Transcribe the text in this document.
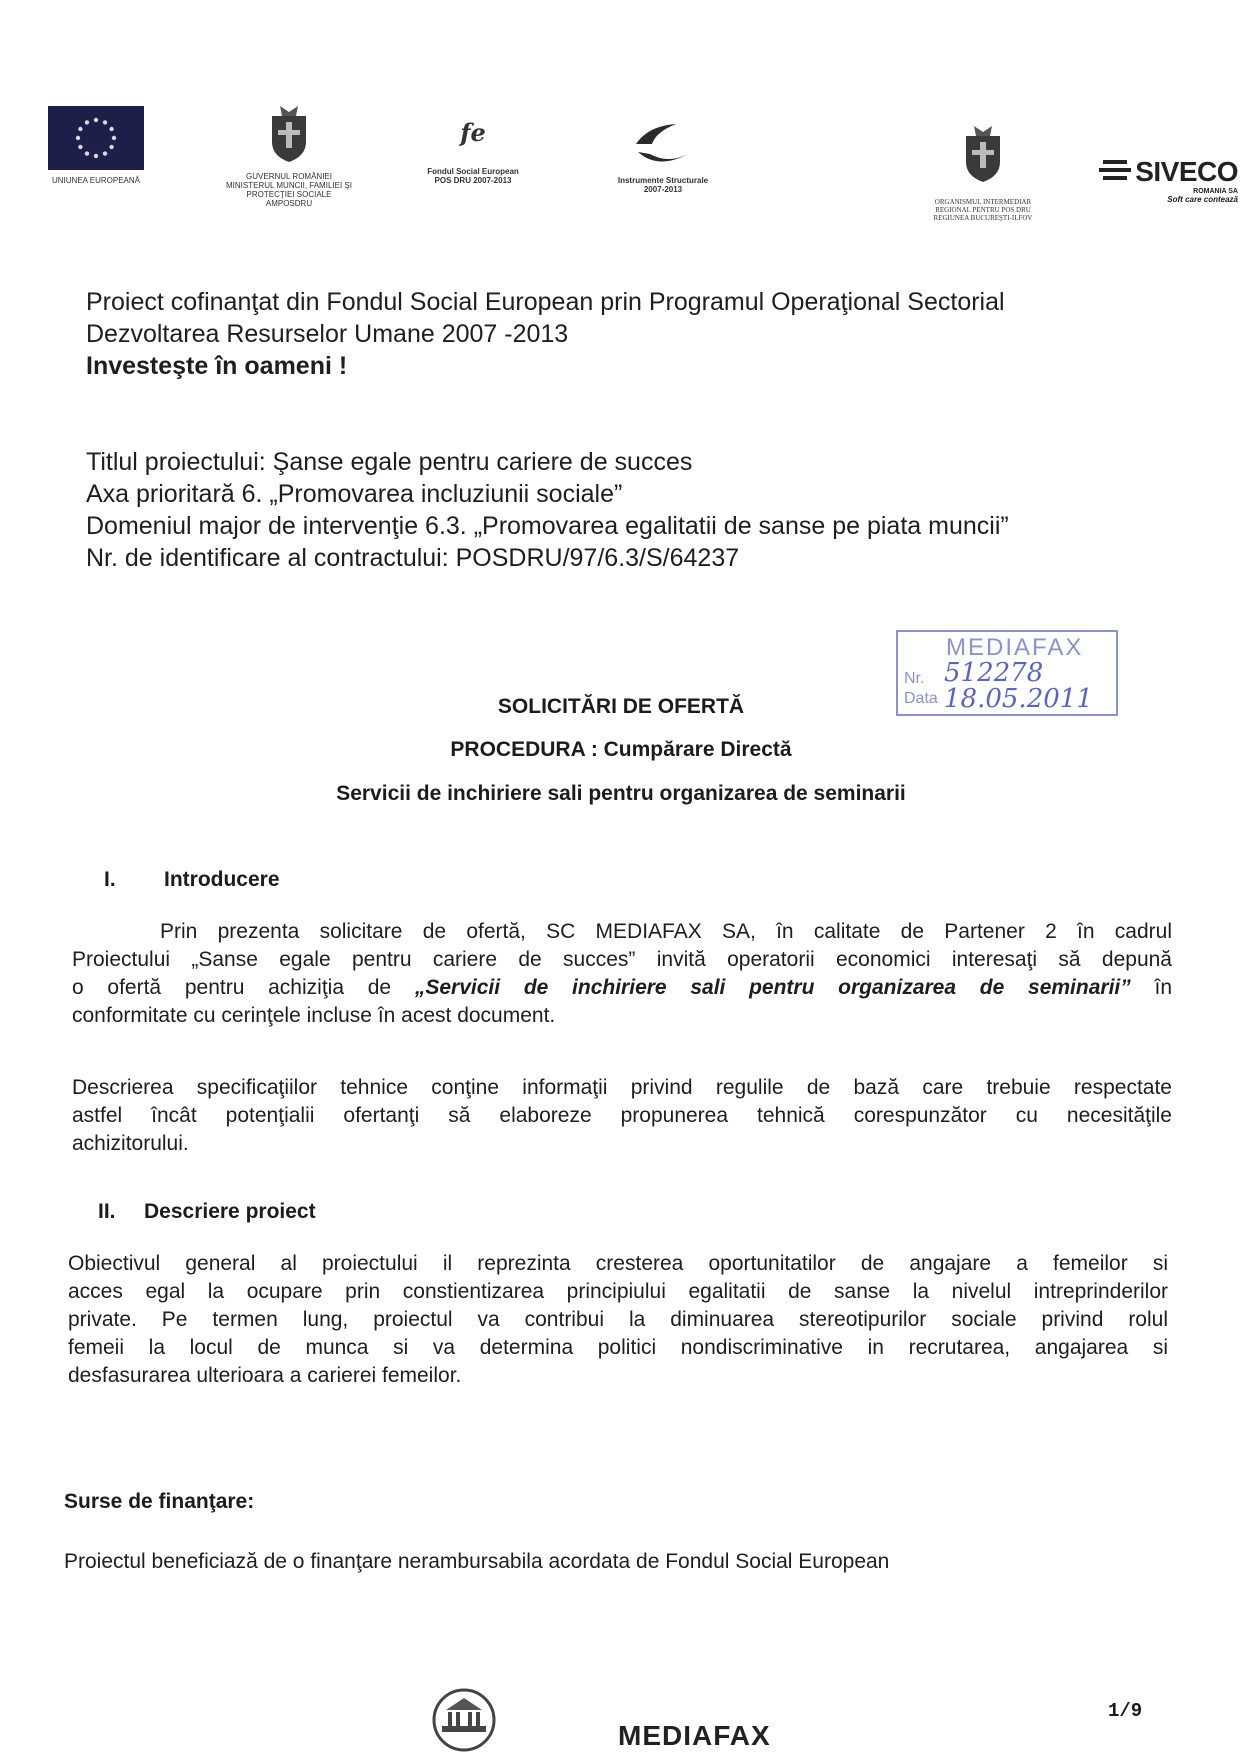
UNIUNEA EUROPEANĂ	GUVERNUL ROMÂNIEI
MINISTERUL MUNCII, FAMILIEI ŞI
PROTECŢIEI SOCIALE
AMPOSDRU
fe
Fondul Social European
POS DRU 2007-2013	Instrumente Structurale
2007-2013
ORGANISMUL INTERMEDIAR
REGIONAL PENTRU POS DRU
REGIUNEA BUCUREŞTI-ILFOV
SIVECO
ROMANIA SA
Soft care contează
Proiect cofinanţat din Fondul Social European prin Programul Operaţional Sectorial
Dezvoltarea Resurselor Umane 2007 -2013
Investeşte în oameni !
Titlul proiectului: Şanse egale pentru cariere de succes
Axa prioritară 6. „Promovarea incluziunii sociale”
Domeniul major de intervenţie 6.3. „Promovarea egalitatii de sanse pe piata muncii”
Nr. de identificare al contractului: POSDRU/97/6.3/S/64237
MEDIAFAX
Nr. 512278
Data 18.05.2011
SOLICITĂRI DE OFERTĂ
PROCEDURA : Cumpărare Directă
Servicii de inchiriere sali pentru organizarea de seminarii
I. Introducere
Prin prezenta solicitare de ofertă, SC MEDIAFAX SA, în calitate de Partener 2 în cadrul
Proiectului „Sanse egale pentru cariere de succes” invită operatorii economici interesaţi să depună
o ofertă pentru achiziţia de „Servicii de inchiriere sali pentru organizarea de seminarii” în
conformitate cu cerinţele incluse în acest document.
Descrierea specificaţiilor tehnice conţine informaţii privind regulile de bază care trebuie respectate
astfel încât potenţialii ofertanţi să elaboreze propunerea tehnică corespunzător cu necesităţile
achizitorului.
II. Descriere proiect
Obiectivul general al proiectului il reprezinta cresterea oportunitatilor de angajare a femeilor si
acces egal la ocupare prin constientizarea principiului egalitatii de sanse la nivelul intreprinderilor
private. Pe termen lung, proiectul va contribui la diminuarea stereotipurilor sociale privind rolul
femeii la locul de munca si va determina politici nondiscriminative in recrutarea, angajarea si
desfasurarea ulterioara a carierei femeilor.
Surse de finanţare:
Proiectul beneficiază de o finanţare nerambursabila acordata de Fondul Social European
MEDIAFAX
1/9
